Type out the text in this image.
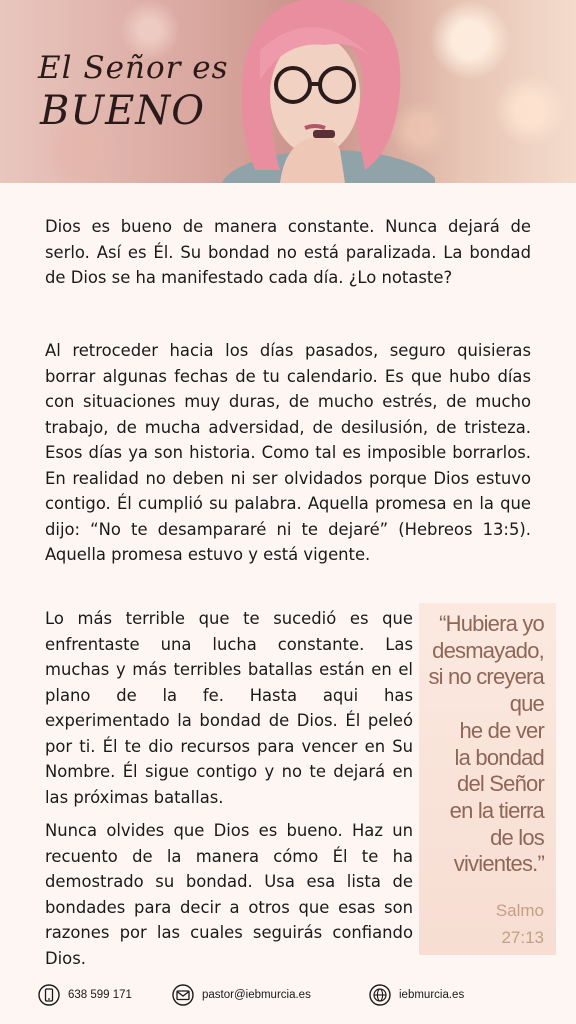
El Señor es
BUENO

Dios es bueno de manera constante. Nunca dejará de serlo. Así es Él. Su bondad no está paralizada. La bondad de Dios se ha manifestado cada día. ¿Lo notaste?

Al retroceder hacia los días pasados, seguro quisieras borrar algunas fechas de tu calendario. Es que hubo días con situaciones muy duras, de mucho estrés, de mucho trabajo, de mucha adversidad, de desilusión, de tristeza. Esos días ya son historia. Como tal es imposible borrarlos. En realidad no deben ni ser olvidados porque Dios estuvo contigo. Él cumplió su palabra. Aquella promesa en la que dijo: “No te desampararé ni te dejaré” (Hebreos 13:5). Aquella promesa estuvo y está vigente.

Lo más terrible que te sucedió es que enfrentaste una lucha constante. Las muchas y más terribles batallas están en el plano de la fe. Hasta aqui has experimentado la bondad de Dios. Él peleó por ti. Él te dio recursos para vencer en Su Nombre. Él sigue contigo y no te dejará en las próximas batallas.

Nunca olvides que Dios es bueno. Haz un recuento de la manera cómo Él te ha demostrado su bondad. Usa esa lista de bondades para decir a otros que esas son razones por las cuales seguirás confiando Dios.

“Hubiera yo
desmayado,
si no creyera
que
he de ver
la bondad
del Señor
en la tierra
de los
vivientes.”

Salmo
27:13
638 599 171	pastor@iebmurcia.es	iebmurcia.es
